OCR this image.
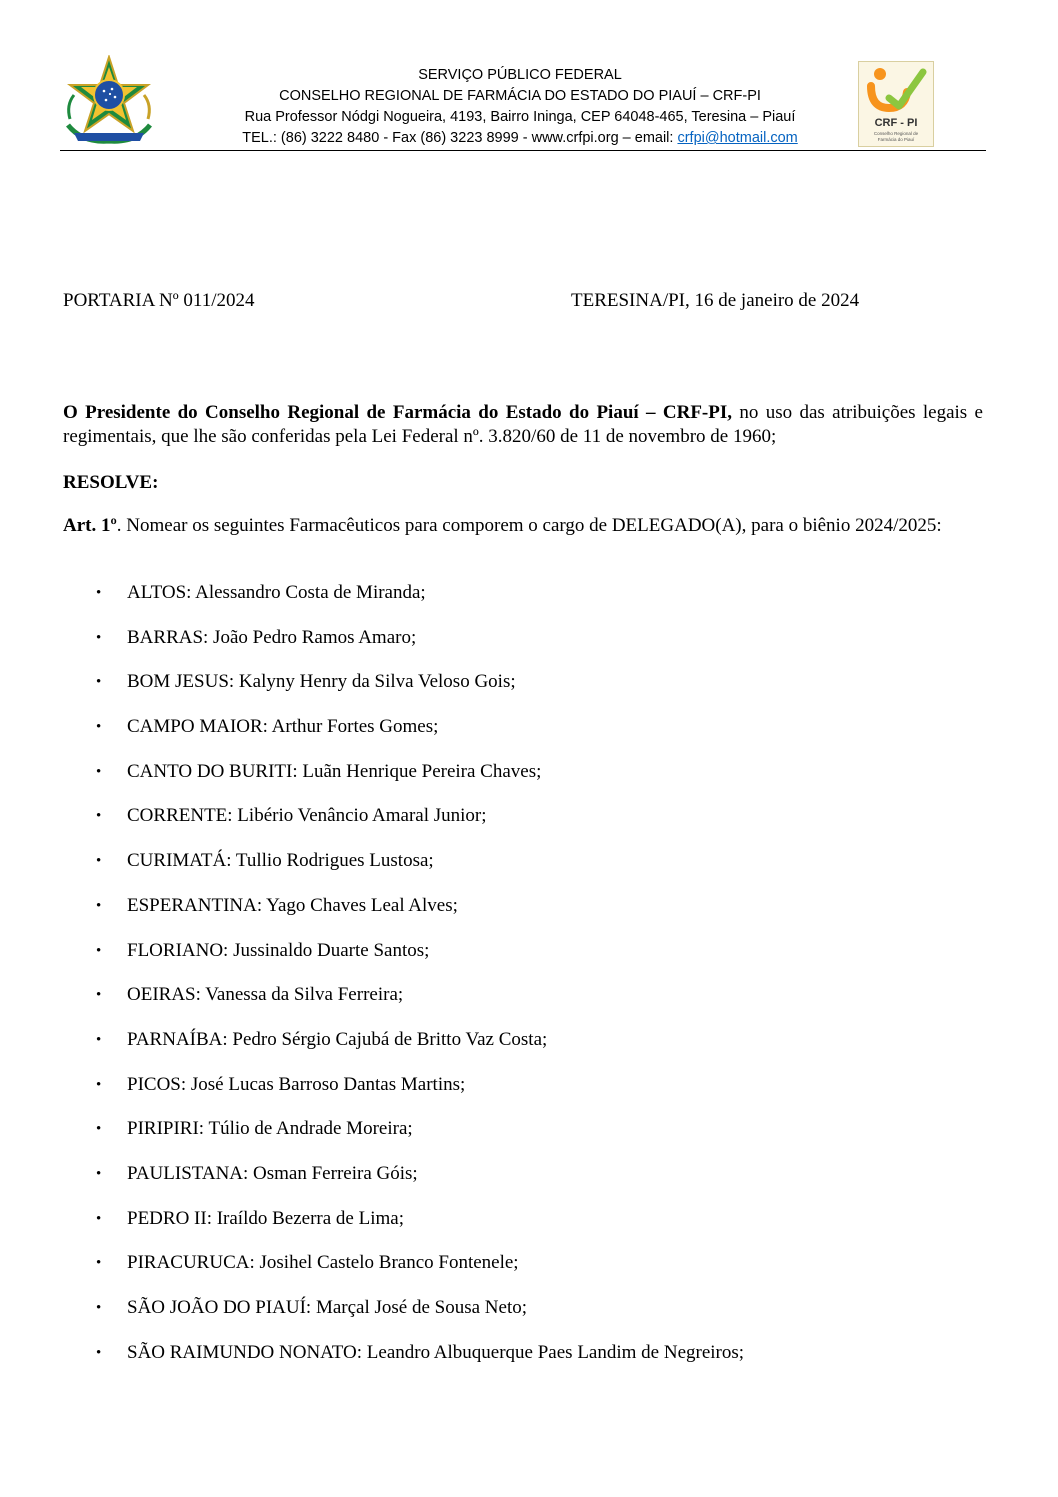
SERVIÇO PÚBLICO FEDERAL
CONSELHO REGIONAL DE FARMÁCIA DO ESTADO DO PIAUÍ – CRF-PI
Rua Professor Nódgi Nogueira, 4193, Bairro Ininga, CEP 64048-465, Teresina – Piauí
TEL.: (86) 3222 8480 - Fax (86) 3223 8999 - www.crfpi.org – email: crfpi@hotmail.com
CRF - PI
Conselho Regional de
Farmácia do Piauí
PORTARIA Nº 011/2024	TERESINA/PI, 16 de janeiro de 2024
O Presidente do Conselho Regional de Farmácia do Estado do Piauí – CRF-PI, no uso das atribuições legais e regimentais, que lhe são conferidas pela Lei Federal nº. 3.820/60 de 11 de novembro de 1960;
RESOLVE:
Art. 1º. Nomear os seguintes Farmacêuticos para comporem o cargo de DELEGADO(A), para o biênio 2024/2025:
• ALTOS: Alessandro Costa de Miranda;
• BARRAS: João Pedro Ramos Amaro;
• BOM JESUS: Kalyny Henry da Silva Veloso Gois;
• CAMPO MAIOR: Arthur Fortes Gomes;
• CANTO DO BURITI: Luãn Henrique Pereira Chaves;
• CORRENTE: Libério Venâncio Amaral Junior;
• CURIMATÁ: Tullio Rodrigues Lustosa;
• ESPERANTINA: Yago Chaves Leal Alves;
• FLORIANO: Jussinaldo Duarte Santos;
• OEIRAS: Vanessa da Silva Ferreira;
• PARNAÍBA: Pedro Sérgio Cajubá de Britto Vaz Costa;
• PICOS: José Lucas Barroso Dantas Martins;
• PIRIPIRI: Túlio de Andrade Moreira;
• PAULISTANA: Osman Ferreira Góis;
• PEDRO II: Iraíldo Bezerra de Lima;
• PIRACURUCA: Josihel Castelo Branco Fontenele;
• SÃO JOÃO DO PIAUÍ: Marçal José de Sousa Neto;
• SÃO RAIMUNDO NONATO: Leandro Albuquerque Paes Landim de Negreiros;
